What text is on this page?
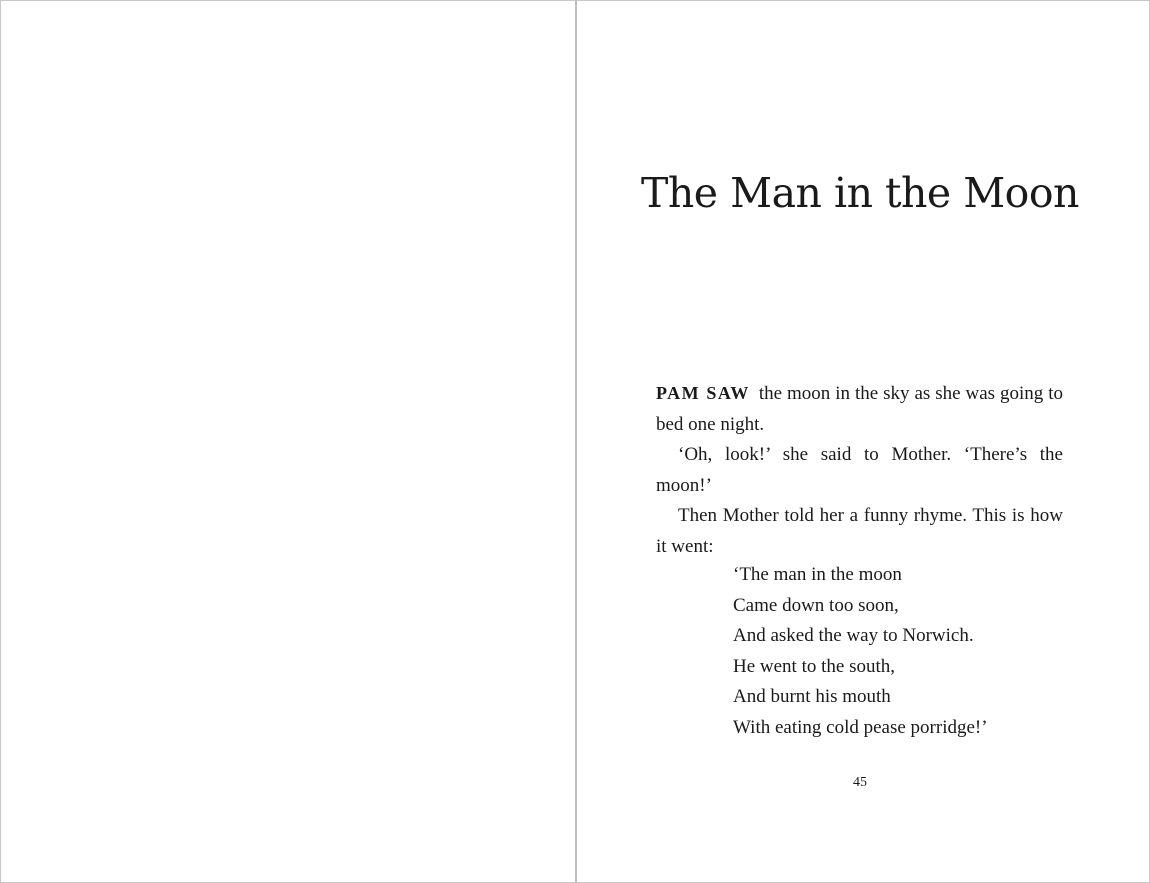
The Man in the Moon

PAM SAW the moon in the sky as she was going to bed one night.

‘Oh, look!’ she said to Mother. ‘There’s the moon!’

Then Mother told her a funny rhyme. This is how it went:

‘The man in the moon
Came down too soon,
And asked the way to Norwich.
He went to the south,
And burnt his mouth
With eating cold pease porridge!’
45
